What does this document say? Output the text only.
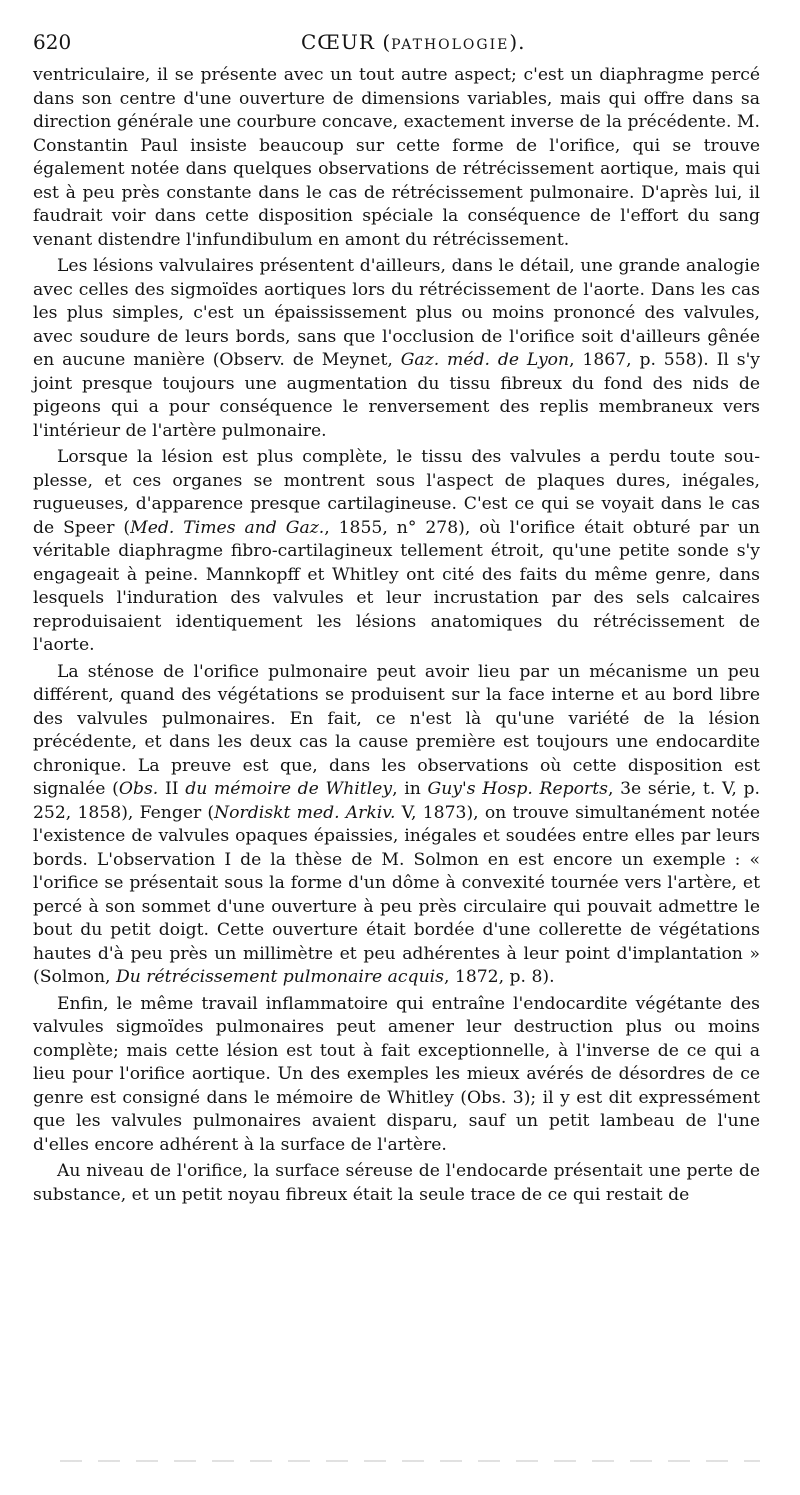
620	CŒUR (PATHOLOGIE).

ventriculaire, il se présente avec un tout autre aspect; c'est un diaphragme percé dans son centre d'une ouverture de dimensions variables, mais qui offre dans sa direction générale une courbure concave, exactement inverse de la précédente. M. Constantin Paul insiste beaucoup sur cette forme de l'orifice, qui se trouve également notée dans quelques observations de rétrécissement aortique, mais qui est à peu près constante dans le cas de rétrécissement pulmonaire. D'après lui, il faudrait voir dans cette disposition spéciale la conséquence de l'effort du sang venant distendre l'infundibulum en amont du rétrécissement.

Les lésions valvulaires présentent d'ailleurs, dans le détail, une grande analogie avec celles des sigmoïdes aortiques lors du rétrécissement de l'aorte. Dans les cas les plus simples, c'est un épaississement plus ou moins prononcé des valvules, avec soudure de leurs bords, sans que l'occlusion de l'orifice soit d'ailleurs gênée en aucune manière (Observ. de Meynet, Gaz. méd. de Lyon, 1867, p. 558). Il s'y joint presque toujours une augmentation du tissu fibreux du fond des nids de pigeons qui a pour conséquence le renversement des replis membraneux vers l'intérieur de l'artère pulmonaire.

Lorsque la lésion est plus complète, le tissu des valvules a perdu toute souplesse, et ces organes se montrent sous l'aspect de plaques dures, inégales, rugueuses, d'apparence presque cartilagineuse. C'est ce qui se voyait dans le cas de Speer (Med. Times and Gaz., 1855, n° 278), où l'orifice était obturé par un véritable diaphragme fibro-cartilagineux tellement étroit, qu'une petite sonde s'y engageait à peine. Mannkopff et Whitley ont cité des faits du même genre, dans lesquels l'induration des valvules et leur incrustation par des sels calcaires reproduisaient identiquement les lésions anatomiques du rétrécissement de l'aorte.

La sténose de l'orifice pulmonaire peut avoir lieu par un mécanisme un peu différent, quand des végétations se produisent sur la face interne et au bord libre des valvules pulmonaires. En fait, ce n'est là qu'une variété de la lésion précédente, et dans les deux cas la cause première est toujours une endocardite chronique. La preuve est que, dans les observations où cette disposition est signalée (Obs. II du mémoire de Whitley, in Guy's Hosp. Reports, 3e série, t. V, p. 252, 1858), Fenger (Nordiskt med. Arkiv. V, 1873), on trouve simultanément notée l'existence de valvules opaques épaissies, inégales et soudées entre elles par leurs bords. L'observation I de la thèse de M. Solmon en est encore un exemple : « l'orifice se présentait sous la forme d'un dôme à convexité tournée vers l'artère, et percé à son sommet d'une ouverture à peu près circulaire qui pouvait admettre le bout du petit doigt. Cette ouverture était bordée d'une collerette de végétations hautes d'à peu près un millimètre et peu adhérentes à leur point d'implantation » (Solmon, Du rétrécissement pulmonaire acquis, 1872, p. 8).

Enfin, le même travail inflammatoire qui entraîne l'endocardite végétante des valvules sigmoïdes pulmonaires peut amener leur destruction plus ou moins complète; mais cette lésion est tout à fait exceptionnelle, à l'inverse de ce qui a lieu pour l'orifice aortique. Un des exemples les mieux avérés de désordres de ce genre est consigné dans le mémoire de Whitley (Obs. 3); il y est dit expressément que les valvules pulmonaires avaient disparu, sauf un petit lambeau de l'une d'elles encore adhérent à la surface de l'artère.

Au niveau de l'orifice, la surface séreuse de l'endocarde présentait une perte de substance, et un petit noyau fibreux était la seule trace de ce qui restait de
